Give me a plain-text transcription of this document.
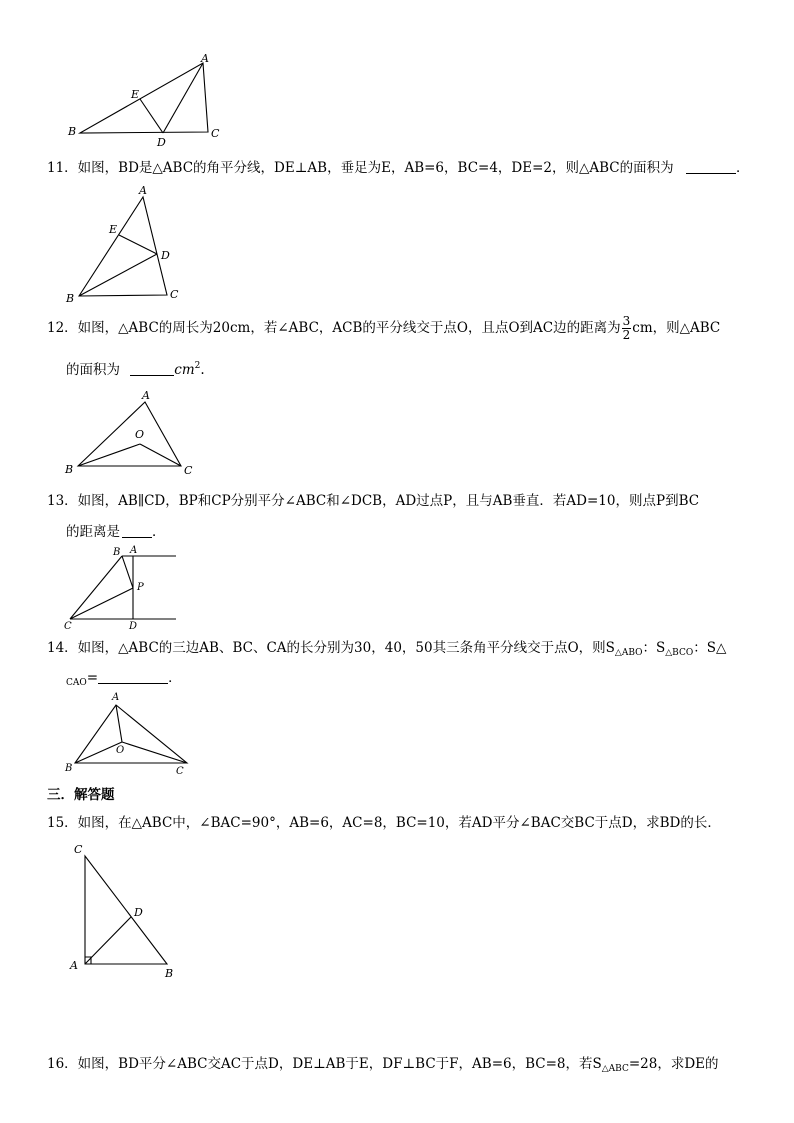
A
B	C
D
E
11．如图，BD是△ABC的角平分线，DE⊥AB，垂足为E，AB=6，BC=4，DE=2，则△ABC的面积为	．
A
B	C
D
E
12．如图，△ABC的周长为20cm，若∠ABC，ACB的平分线交于点O，且点O到AC边的距离为 $\frac{3}{2}$ cm，则△ABC
的面积为	$cm^2$.
A
B	C
O
13．如图，AB∥CD，BP和CP分别平分∠ABC和∠DCB，AD过点P，且与AB垂直．若AD=10，则点P到BC
的距离是 ．
A
B
C	D
P
14．如图，△ABC的三边AB、BC、CA的长分别为30，40，50其三条角平分线交于点O，则$S_{\triangle ABO}$：$S_{\triangle BCO}$：S△
$_{CAO}$=	．
A
B	C
O
三．解答题
15．如图，在△ABC中，∠BAC=90°，AB=6，AC=8，BC=10，若AD平分∠BAC交BC于点D，求BD的长．
A
B
C
D
16．如图，BD平分∠ABC交AC于点D，DE⊥AB于E，DF⊥BC于F，AB=6，BC=8，若$S_{\triangle ABC}=28$，求DE的
